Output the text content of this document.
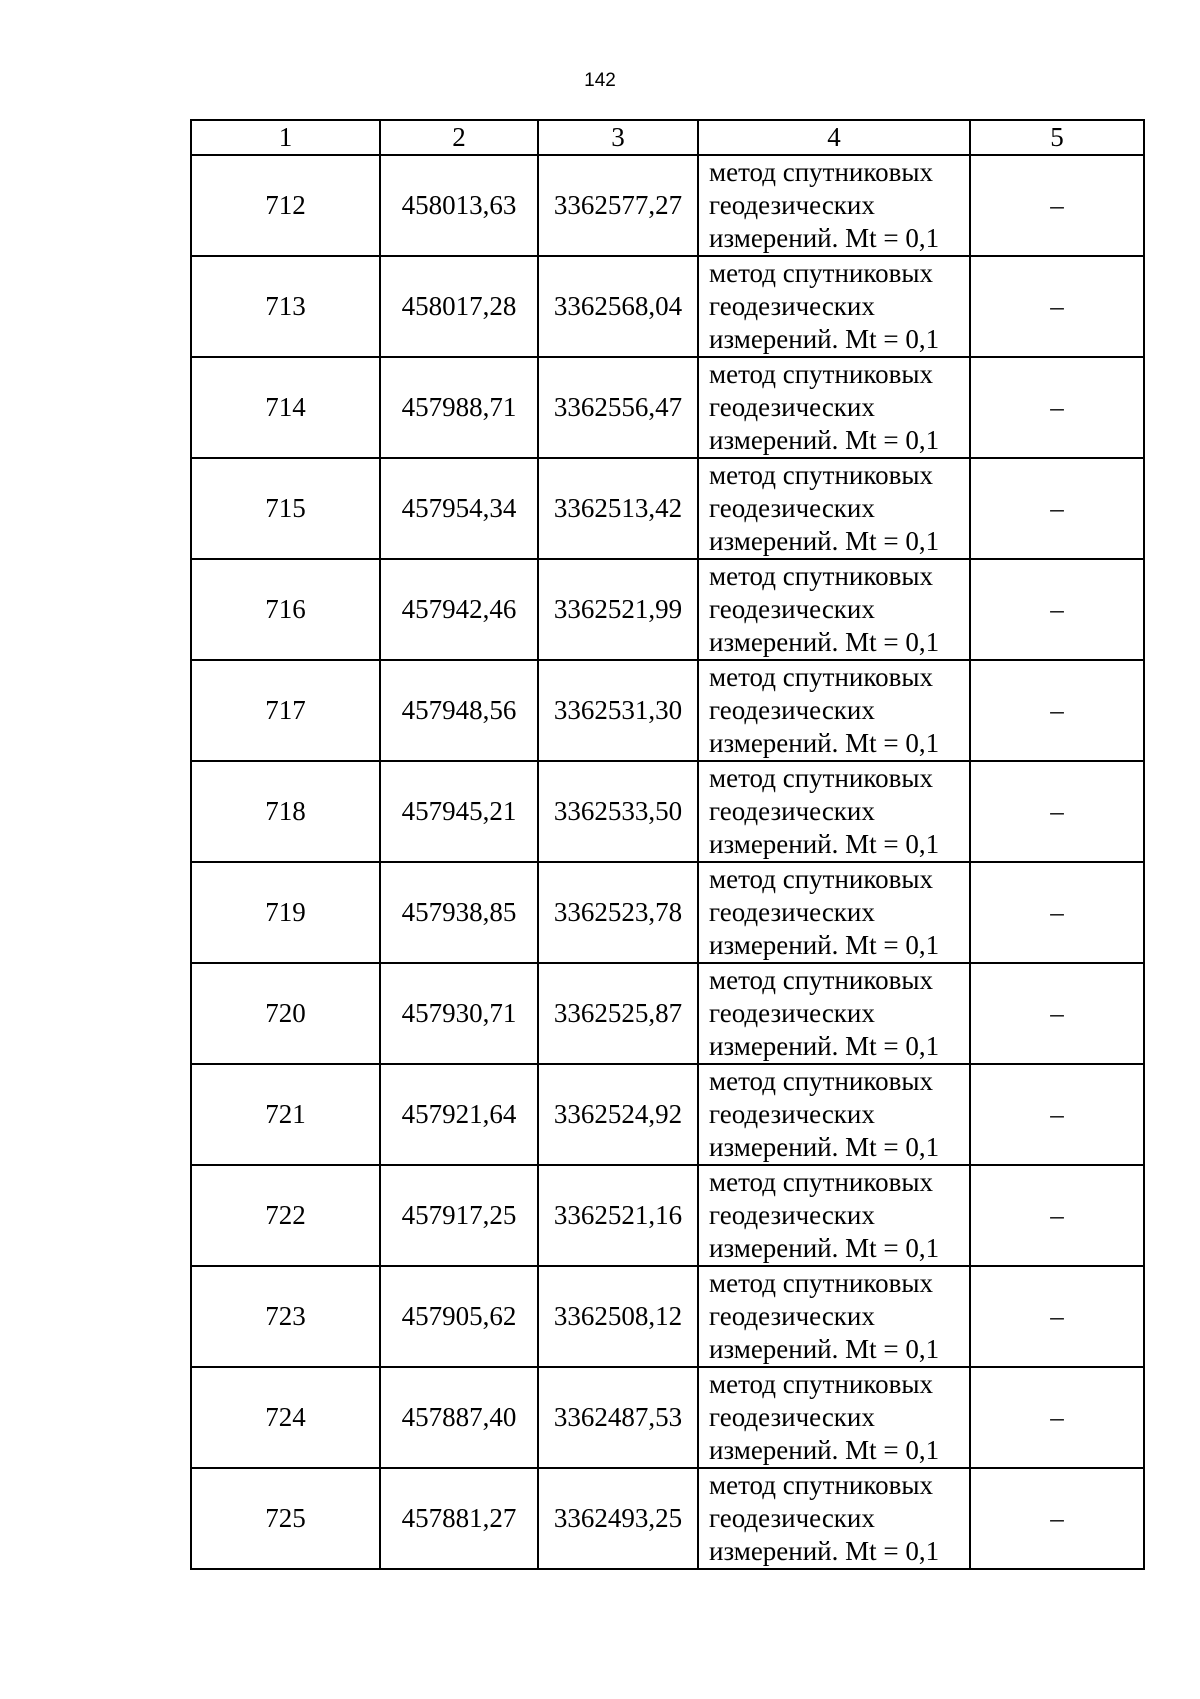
142
1	2	3	4	5
712	458013,63	3362577,27	метод спутниковых геодезических измерений. Mt = 0,1	–
713	458017,28	3362568,04	метод спутниковых геодезических измерений. Mt = 0,1	–
714	457988,71	3362556,47	метод спутниковых геодезических измерений. Mt = 0,1	–
715	457954,34	3362513,42	метод спутниковых геодезических измерений. Mt = 0,1	–
716	457942,46	3362521,99	метод спутниковых геодезических измерений. Mt = 0,1	–
717	457948,56	3362531,30	метод спутниковых геодезических измерений. Mt = 0,1	–
718	457945,21	3362533,50	метод спутниковых геодезических измерений. Mt = 0,1	–
719	457938,85	3362523,78	метод спутниковых геодезических измерений. Mt = 0,1	–
720	457930,71	3362525,87	метод спутниковых геодезических измерений. Mt = 0,1	–
721	457921,64	3362524,92	метод спутниковых геодезических измерений. Mt = 0,1	–
722	457917,25	3362521,16	метод спутниковых геодезических измерений. Mt = 0,1	–
723	457905,62	3362508,12	метод спутниковых геодезических измерений. Mt = 0,1	–
724	457887,40	3362487,53	метод спутниковых геодезических измерений. Mt = 0,1	–
725	457881,27	3362493,25	метод спутниковых геодезических измерений. Mt = 0,1	–
